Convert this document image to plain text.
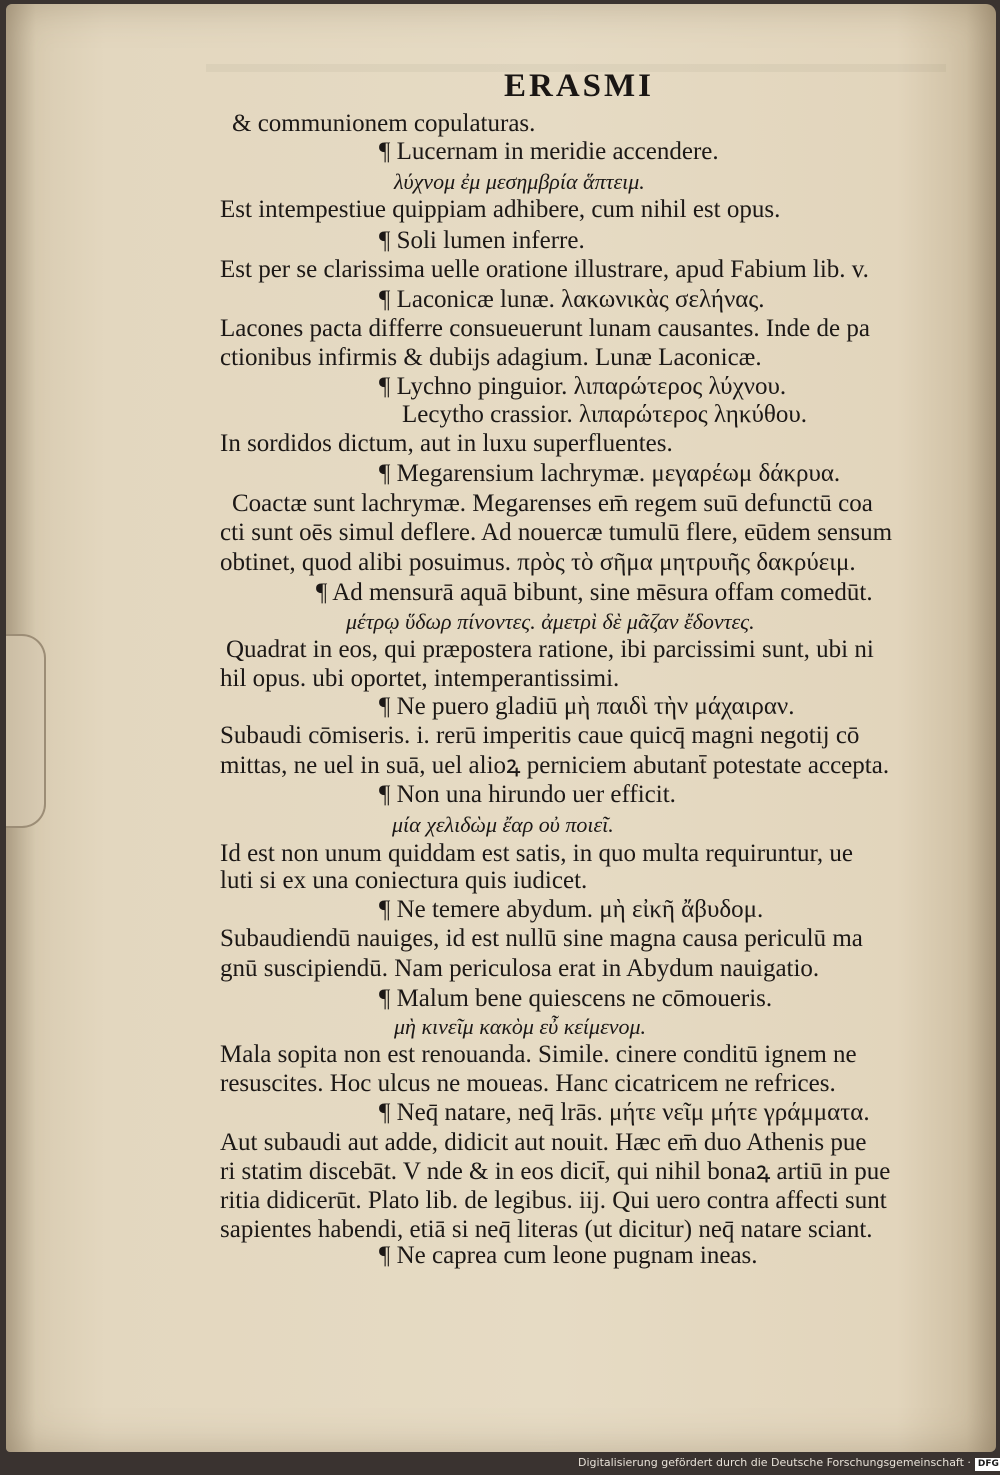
ERASMI
& communionem copulaturas.
¶ Lucernam in meridie accendere.
λύχνομ ἐμ μεσημβρία ἅπτειμ.
Est intempestiue quippiam adhibere, cum nihil est opus.
¶ Soli lumen inferre.
Est per se clarissima uelle oratione illustrare, apud Fabium lib. v.
¶ Laconicæ lunæ. λακωνικὰς σελήνας.
Lacones pacta differre consueuerunt lunam causantes. Inde de pa
ctionibus infirmis & dubijs adagium. Lunæ Laconicæ.
¶ Lychno pinguior. λιπαρώτερος λύχνου.
Lecytho crassior. λιπαρώτερος ληκύθου.
In sordidos dictum, aut in luxu superfluentes.
¶ Megarensium lachrymæ. μεγαρέωμ δάκρυα.
Coactæ sunt lachrymæ. Megarenses em̄ regem suū defunctū coa
cti sunt oēs simul deflere. Ad nouercæ tumulū flere, eūdem sensum
obtinet, quod alibi posuimus. πρὸς τὸ σῆμα μητρυιῆς δακρύειμ.
¶ Ad mensurā aquā bibunt, sine mēsura offam comedūt.
μέτρῳ ὕδωρ πίνοντες. ἀμετρὶ δὲ μᾶζαν ἔδοντες.
Quadrat in eos, qui præpostera ratione, ibi parcissimi sunt, ubi ni
hil opus. ubi oportet, intemperantissimi.
¶ Ne puero gladiū μὴ παιδὶ τὴν μάχαιραν.
Subaudi cōmiseris. i. rerū imperitis caue quicq̄ magni negotij cō
mittas, ne uel in suā, uel alioꝝ perniciem abutant̄ potestate accepta.
¶ Non una hirundo uer efficit.
μία χελιδὼμ ἔαρ οὐ ποιεῖ.
Id est non unum quiddam est satis, in quo multa requiruntur, ue
luti si ex una coniectura quis iudicet.
¶ Ne temere abydum. μὴ εἰκῆ ἄβυδομ.
Subaudiendū nauiges, id est nullū sine magna causa periculū ma
gnū suscipiendū. Nam periculosa erat in Abydum nauigatio.
¶ Malum bene quiescens ne cōmoueris.
μὴ κινεῖμ κακὸμ εὖ κείμενομ.
Mala sopita non est renouanda. Simile. cinere conditū ignem ne
resuscites. Hoc ulcus ne moueas. Hanc cicatricem ne refrices.
¶ Neq̄ natare, neq̄ lrās. μήτε νεῖμ μήτε γράμματα.
Aut subaudi aut adde, didicit aut nouit. Hæc em̄ duo Athenis pue
ri statim discebāt. V nde & in eos dicit̄, qui nihil bonaꝝ artiū in pue
ritia didicerūt. Plato lib. de legibus. iij. Qui uero contra affecti sunt
sapientes habendi, etiā si neq̄ literas (ut dicitur) neq̄ natare sciant.
¶ Ne caprea cum leone pugnam ineas.
Digitalisierung gefördert durch die Deutsche Forschungsgemeinschaft · DFG
